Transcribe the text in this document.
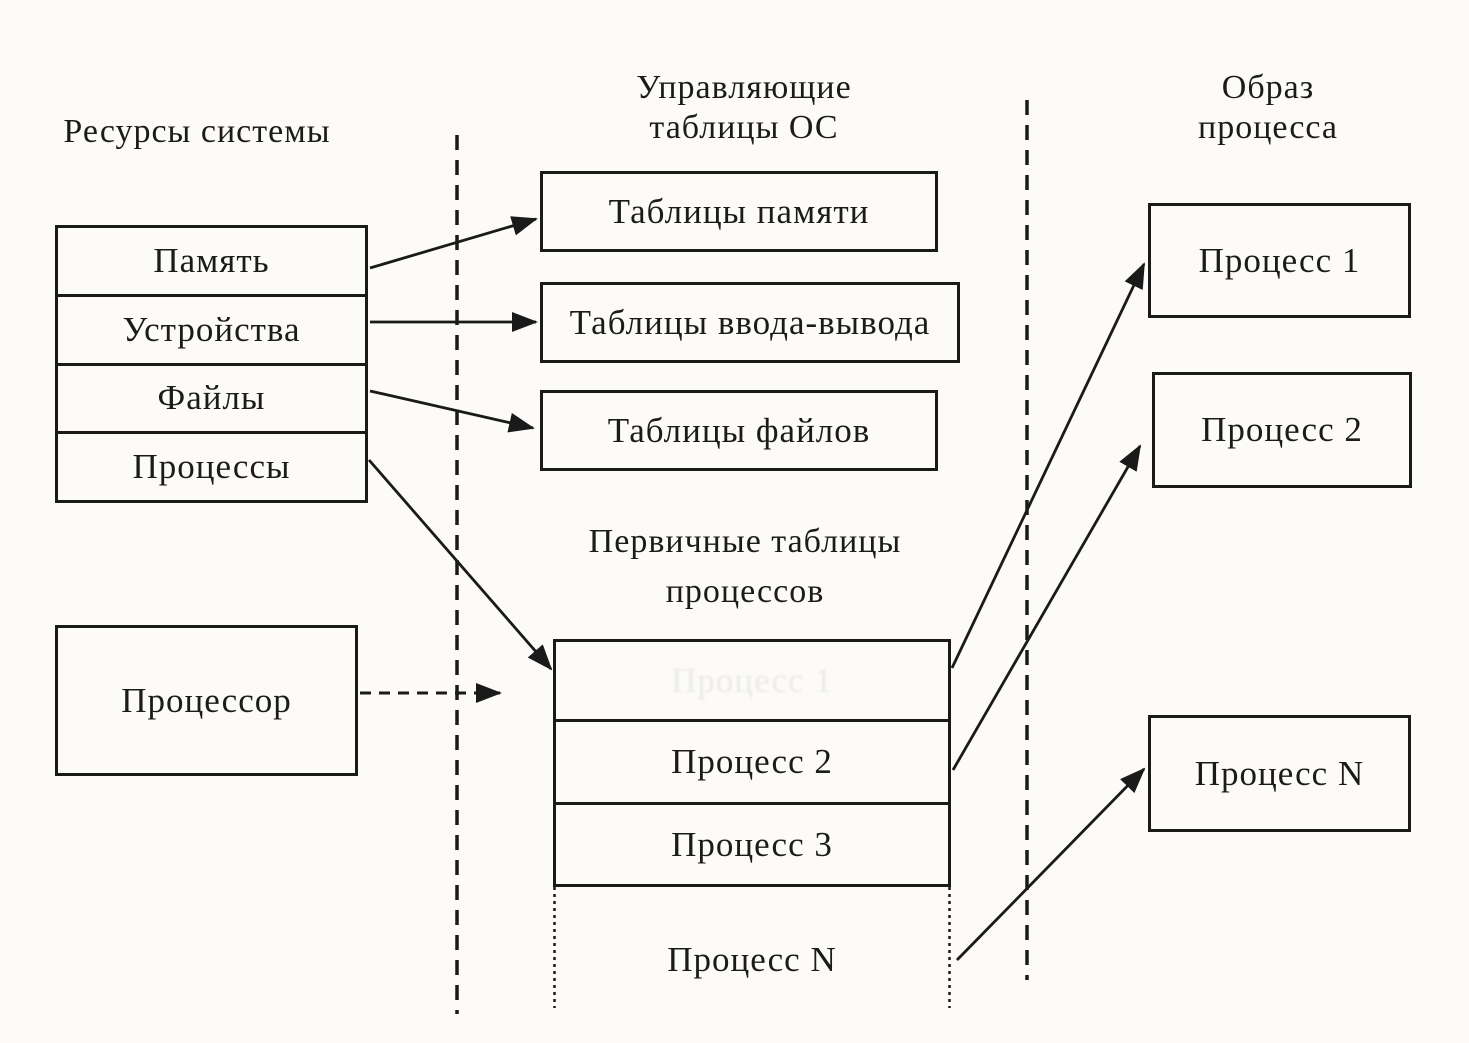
Ресурсы системы
Управляющие
таблицы ОС
Образ
процесса
Первичные таблицы
процессов
Память
Устройства
Файлы
Процессы
Процессор
Таблицы памяти
Таблицы ввода-вывода
Таблицы файлов
Процесс 1
Процесс 2
Процесс 3
Процесс N
Процесс 1
Процесс 2
Процесс N
